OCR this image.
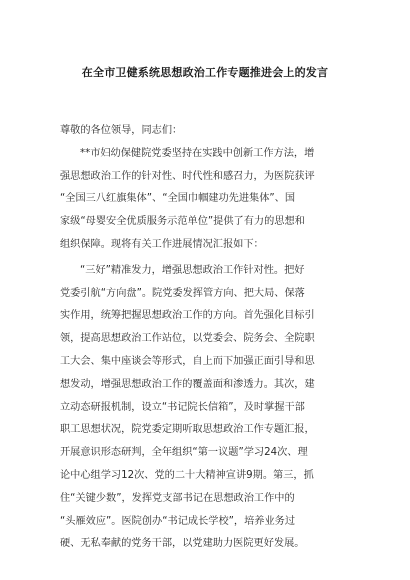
在全市卫健系统思想政治工作专题推进会上的发言
尊敬的各位领导，同志们：
**市妇幼保健院党委坚持在实践中创新工作方法，增
强思想政治工作的针对性、时代性和感召力，为医院获评
“全国三八红旗集体”、“全国巾帼建功先进集体”、国
家级“母婴安全优质服务示范单位”提供了有力的思想和
组织保障。现将有关工作进展情况汇报如下：
“三好”精准发力，增强思想政治工作针对性。把好
党委引航“方向盘”。院党委发挥管方向、把大局、保落
实作用，统筹把握思想政治工作的方向。首先强化目标引
领，提高思想政治工作站位，以党委会、院务会、全院职
工大会、集中座谈会等形式，自上而下加强正面引导和思
想发动，增强思想政治工作的覆盖面和渗透力。其次，建
立动态研报机制，设立“书记院长信箱”，及时掌握干部
职工思想状况，院党委定期听取思想政治工作专题汇报，
开展意识形态研判，全年组织“第一议题”学习24次、理
论中心组学习12次、党的二十大精神宣讲9期。第三，抓
住“关键少数”，发挥党支部书记在思想政治工作中的
“头雁效应”。医院创办“书记成长学校”，培养业务过
硬、无私奉献的党务干部，以党建助力医院更好发展。
